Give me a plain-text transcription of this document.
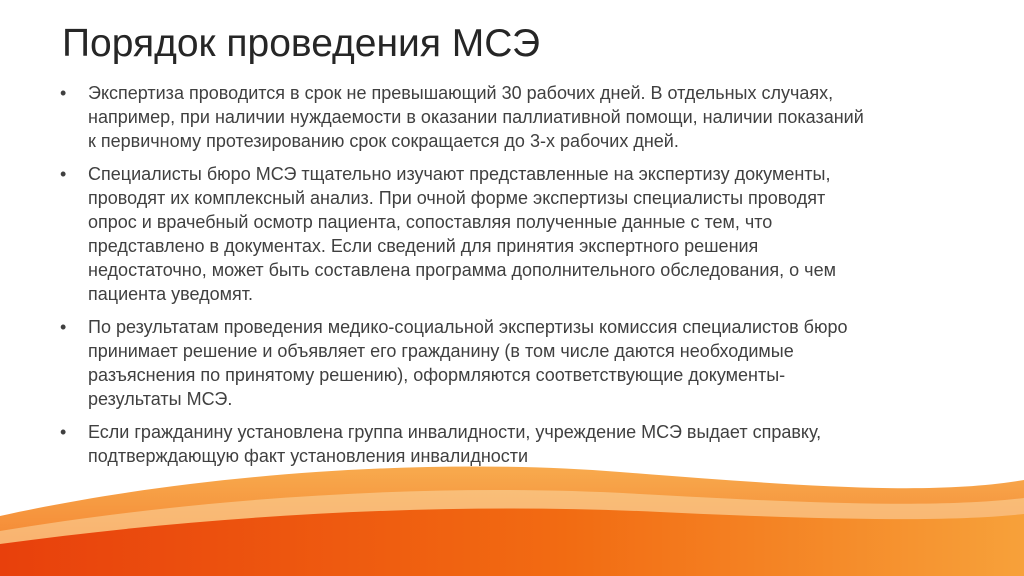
Порядок проведения МСЭ
• Экспертиза проводится в срок не превышающий 30 рабочих дней. В отдельных случаях,
например, при наличии нуждаемости в оказании паллиативной помощи, наличии показаний
к первичному протезированию срок сокращается до 3-х рабочих дней.
• Специалисты бюро МСЭ тщательно изучают представленные на экспертизу документы,
проводят их комплексный анализ. При очной форме экспертизы специалисты проводят
опрос и врачебный осмотр пациента, сопоставляя полученные данные с тем, что
представлено в документах. Если сведений для принятия экспертного решения
недостаточно, может быть составлена программа дополнительного обследования, о чем
пациента уведомят.
• По результатам проведения медико-социальной экспертизы комиссия специалистов бюро
принимает решение и объявляет его гражданину (в том числе даются необходимые
разъяснения по принятому решению), оформляются соответствующие документы-
результаты МСЭ.
• Если гражданину установлена группа инвалидности, учреждение МСЭ выдает справку,
подтверждающую факт установления инвалидности
